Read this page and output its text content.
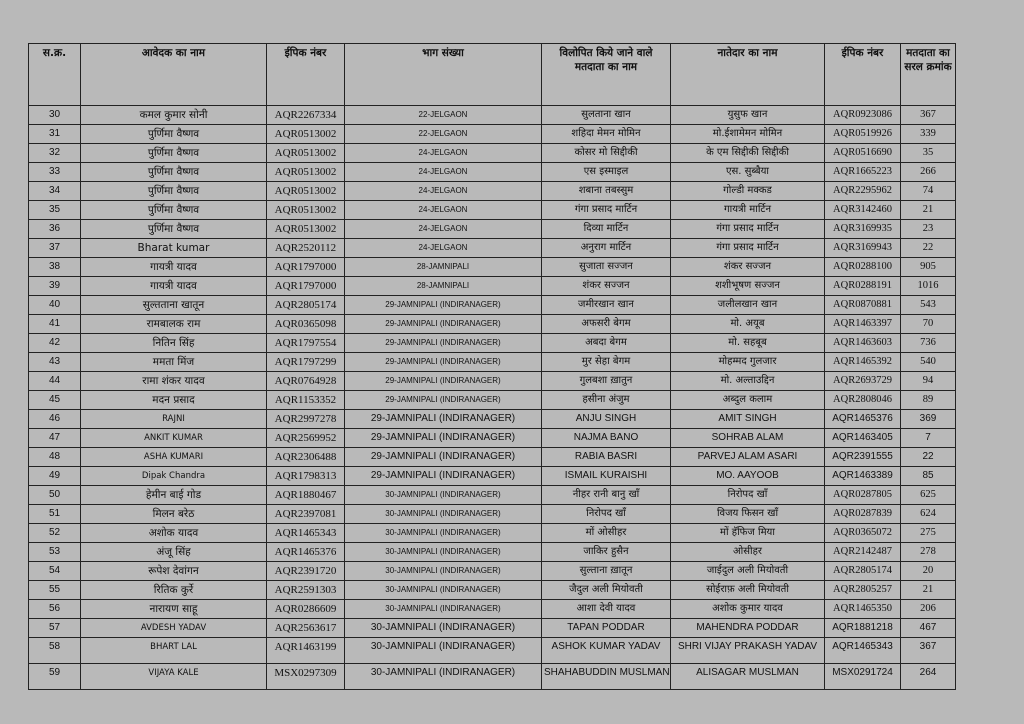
स.क्र.	आवेदक का नाम	ईपिक नंबर	भाग संख्या	विलोपित किये जाने वाले मतदाता का नाम	नातेदार का नाम	ईपिक नंबर	मतदाता का सरल क्रमांक
30	कमल कुमार सोनी	AQR2267334	22-JELGAON	सुलताना खान	युसुफ खान	AQR0923086	367
31	पुर्णिमा वैष्णव	AQR0513002	22-JELGAON	शहिदा मेमन मोमिन	मो.ईशामेमन मोमिन	AQR0519926	339
32	पुर्णिमा वैष्णव	AQR0513002	24-JELGAON	कोसर मो सिद्दीकी	के एम सिद्दीकी सिद्दीकी	AQR0516690	35
33	पुर्णिमा वैष्णव	AQR0513002	24-JELGAON	एस इस्माइल	एस. सुब्बैया	AQR1665223	266
34	पुर्णिमा वैष्णव	AQR0513002	24-JELGAON	शबाना तबस्सुम	गोल्डी मक्कड	AQR2295962	74
35	पुर्णिमा वैष्णव	AQR0513002	24-JELGAON	गंगा प्रसाद मार्टिन	गायत्री मार्टिन	AQR3142460	21
36	पुर्णिमा वैष्णव	AQR0513002	24-JELGAON	दिव्या मार्टिन	गंगा प्रसाद मार्टिन	AQR3169935	23
37	Bharat kumar	AQR2520112	24-JELGAON	अनुराग मार्टिन	गंगा प्रसाद मार्टिन	AQR3169943	22
38	गायत्री यादव	AQR1797000	28-JAMNIPALI	सुजाता सज्जन	शंकर सज्जन	AQR0288100	905
39	गायत्री यादव	AQR1797000	28-JAMNIPALI	शंकर सज्जन	शशीभूषण सज्जन	AQR0288191	1016
40	सुल्तताना खातून	AQR2805174	29-JAMNIPALI (INDIRANAGER)	जमीरखान खान	जलीलखान खान	AQR0870881	543
41	रामबालक राम	AQR0365098	29-JAMNIPALI (INDIRANAGER)	अफसरी बेगम	मो. अयूब	AQR1463397	70
42	नितिन सिंह	AQR1797554	29-JAMNIPALI (INDIRANAGER)	अबदा बेगम	मो. सहबूब	AQR1463603	736
43	ममता मिंज	AQR1797299	29-JAMNIPALI (INDIRANAGER)	मुर सेहा बेगम	मोहम्मद गुलजार	AQR1465392	540
44	रामा शंकर यादव	AQR0764928	29-JAMNIPALI (INDIRANAGER)	गुलबशा ख़ातुन	मो. अल्ताउद्दिन	AQR2693729	94
45	मदन प्रसाद	AQR1153352	29-JAMNIPALI (INDIRANAGER)	हसीना अंजुम	अब्दुल कलाम	AQR2808046	89
46	RAJNI	AQR2997278	29-JAMNIPALI (INDIRANAGER)	ANJU SINGH	AMIT SINGH	AQR1465376	369
47	ANKIT KUMAR	AQR2569952	29-JAMNIPALI (INDIRANAGER)	NAJMA BANO	SOHRAB ALAM	AQR1463405	7
48	ASHA KUMARI	AQR2306488	29-JAMNIPALI (INDIRANAGER)	RABIA BASRI	PARVEJ ALAM ASARI	AQR2391555	22
49	Dipak Chandra	AQR1798313	29-JAMNIPALI (INDIRANAGER)	ISMAIL KURAISHI	MO. AAYOOB	AQR1463389	85
50	हेमीन बाई गोड	AQR1880467	30-JAMNIPALI (INDIRANAGER)	नीहर रानी बानु खाँ	निरोपद खाँ	AQR0287805	625
51	मिलन बरेठ	AQR2397081	30-JAMNIPALI (INDIRANAGER)	निरोपद खाँ	विजय फिसन खाँ	AQR0287839	624
52	अशोक यादव	AQR1465343	30-JAMNIPALI (INDIRANAGER)	मों ओसीहर	मों हॅफिज मिया	AQR0365072	275
53	अंजू सिंह	AQR1465376	30-JAMNIPALI (INDIRANAGER)	जाकिर हुसैन	ओसीहर	AQR2142487	278
54	रूपेश देवांगन	AQR2391720	30-JAMNIPALI (INDIRANAGER)	सुल्ताना ख़ातून	जाईदुल अली मियोवती	AQR2805174	20
55	रितिक कुर्रे	AQR2591303	30-JAMNIPALI (INDIRANAGER)	जैदुल अली मियोवती	सोईराफ़ अली मियोवती	AQR2805257	21
56	नारायण साहू	AQR0286609	30-JAMNIPALI (INDIRANAGER)	आशा देवी यादव	अशोक कुमार यादव	AQR1465350	206
57	AVDESH YADAV	AQR2563617	30-JAMNIPALI (INDIRANAGER)	TAPAN PODDAR	MAHENDRA PODDAR	AQR1881218	467
58	BHART LAL	AQR1463199	30-JAMNIPALI (INDIRANAGER)	ASHOK KUMAR YADAV	SHRI VIJAY PRAKASH YADAV	AQR1465343	367
59	VIJAYA KALE	MSX0297309	30-JAMNIPALI (INDIRANAGER)	SHAHABUDDIN MUSLMAN	ALISAGAR MUSLMAN	MSX0291724	264
